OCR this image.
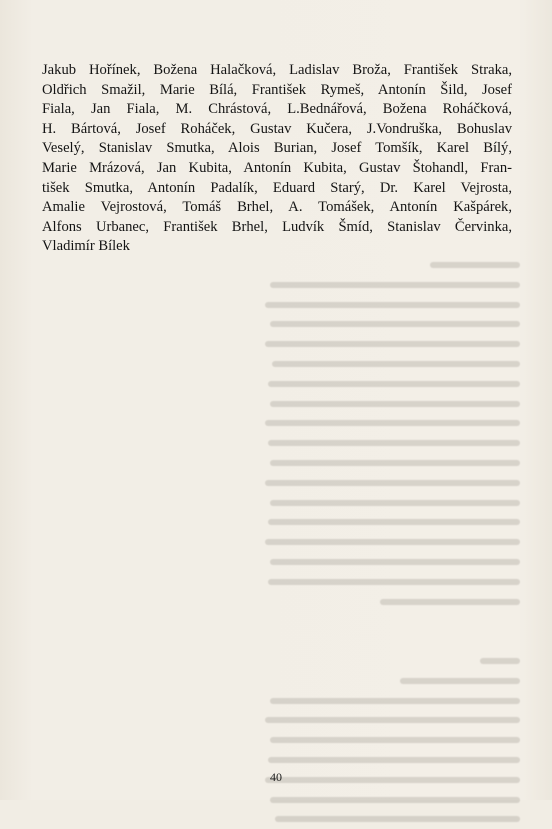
Jakub Hořínek, Božena Halačková, Ladislav Broža, František Straka,
Oldřich Smažil, Marie Bílá, František Rymeš, Antonín Šild, Josef
Fiala, Jan Fiala, M. Chrástová, L.Bednářová, Božena Roháčková,
H. Bártová, Josef Roháček, Gustav Kučera, J.Vondruška, Bohuslav
Veselý, Stanislav Smutka, Alois Burian, Josef Tomšík, Karel Bílý,
Marie Mrázová, Jan Kubita, Antonín Kubita, Gustav Štohandl, Fran-
tišek Smutka, Antonín Padalík, Eduard Starý, Dr. Karel Vejrosta,
Amalie Vejrostová, Tomáš Brhel, A. Tomášek, Antonín Kašpárek,
Alfons Urbanec, František Brhel, Ludvík Šmíd, Stanislav Červinka,
Vladimír Bílek
40
